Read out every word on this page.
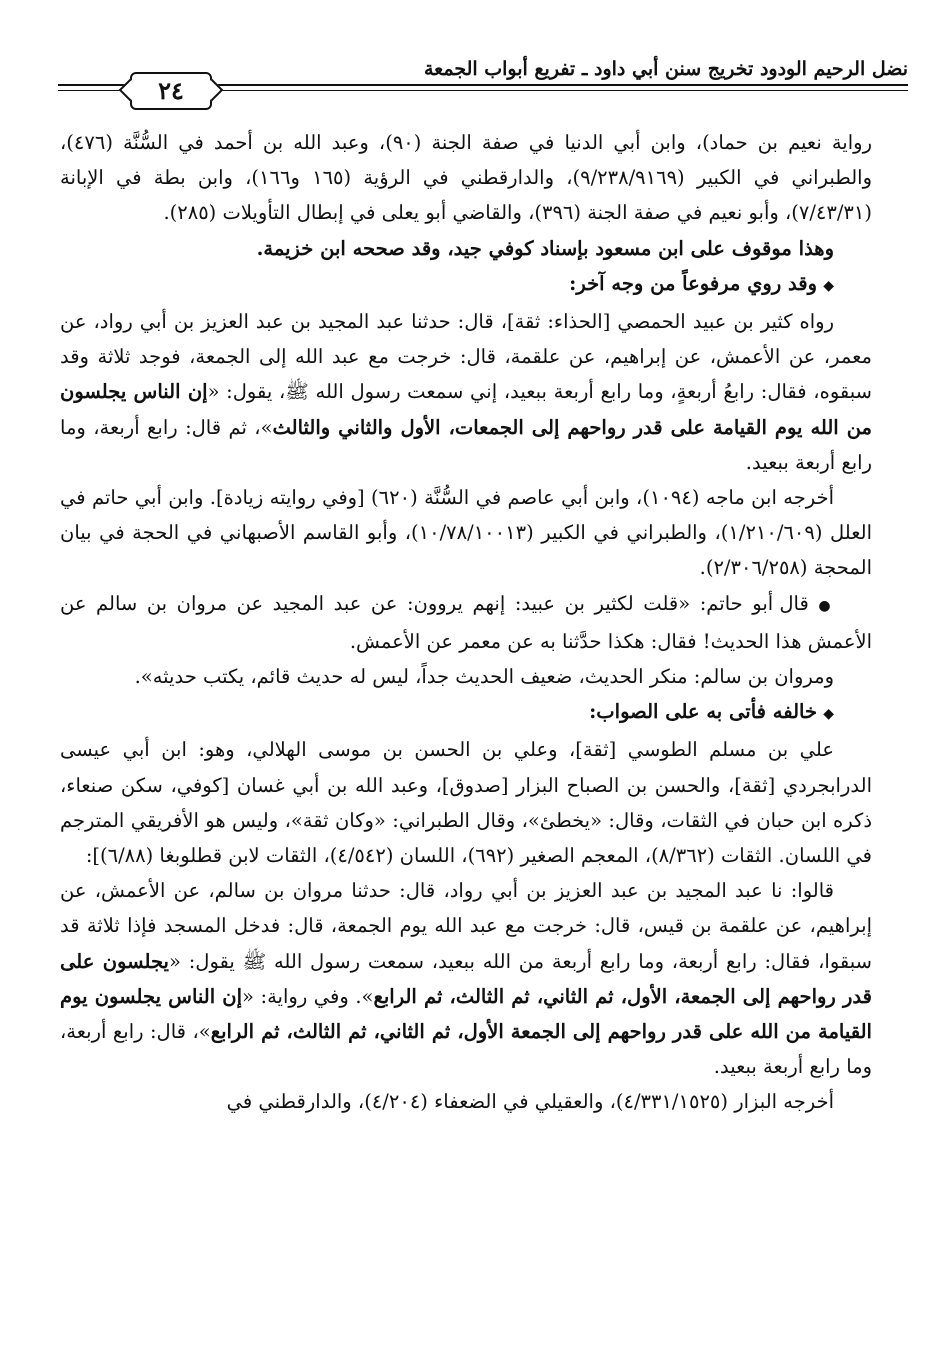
نضل الرحيم الودود تخريج سنن أبي داود ـ تفريع أبواب الجمعة
٢٤

رواية نعيم بن حماد)، وابن أبي الدنيا في صفة الجنة (٩٠)، وعبد الله بن أحمد في السُّنَّة (٤٧٦)، والطبراني في الكبير (٩/٢٣٨/٩١٦٩)، والدارقطني في الرؤية (١٦٥ و١٦٦)، وابن بطة في الإبانة (٧/٤٣/٣١)، وأبو نعيم في صفة الجنة (٣٩٦)، والقاضي أبو يعلى في إبطال التأويلات (٢٨٥).

وهذا موقوف على ابن مسعود بإسناد كوفي جيد، وقد صححه ابن خزيمة.

◆ وقد روي مرفوعاً من وجه آخر:

رواه كثير بن عبيد الحمصي [الحذاء: ثقة]، قال: حدثنا عبد المجيد بن عبد العزيز بن أبي رواد، عن معمر، عن الأعمش، عن إبراهيم، عن علقمة، قال: خرجت مع عبد الله إلى الجمعة، فوجد ثلاثة وقد سبقوه، فقال: رابعُ أربعةٍ، وما رابع أربعة ببعيد، إني سمعت رسول الله ﷺ، يقول: «إن الناس يجلسون من الله يوم القيامة على قدر رواحهم إلى الجمعات، الأول والثاني والثالث»، ثم قال: رابع أربعة، وما رابع أربعة ببعيد.

أخرجه ابن ماجه (١٠٩٤)، وابن أبي عاصم في السُّنَّة (٦٢٠) [وفي روايته زيادة]. وابن أبي حاتم في العلل (١/٢١٠/٦٠٩)، والطبراني في الكبير (١٠/٧٨/١٠٠١٣)، وأبو القاسم الأصبهاني في الحجة في بيان المحجة (٢/٣٠٦/٢٥٨).

● قال أبو حاتم: «قلت لكثير بن عبيد: إنهم يروون: عن عبد المجيد عن مروان بن سالم عن الأعمش هذا الحديث! فقال: هكذا حدَّثنا به عن معمر عن الأعمش.

ومروان بن سالم: منكر الحديث، ضعيف الحديث جداً، ليس له حديث قائم، يكتب حديثه».

◆ خالفه فأتى به على الصواب:

علي بن مسلم الطوسي [ثقة]، وعلي بن الحسن بن موسى الهلالي، وهو: ابن أبي عيسى الدرابجردي [ثقة]، والحسن بن الصباح البزار [صدوق]، وعبد الله بن أبي غسان [كوفي، سكن صنعاء، ذكره ابن حبان في الثقات، وقال: «يخطئ»، وقال الطبراني: «وكان ثقة»، وليس هو الأفريقي المترجم في اللسان. الثقات (٨/٣٦٢)، المعجم الصغير (٦٩٢)، اللسان (٤/٥٤٢)، الثقات لابن قطلوبغا (٦/٨٨)]:

قالوا: نا عبد المجيد بن عبد العزيز بن أبي رواد، قال: حدثنا مروان بن سالم، عن الأعمش، عن إبراهيم، عن علقمة بن قيس، قال: خرجت مع عبد الله يوم الجمعة، قال: فدخل المسجد فإذا ثلاثة قد سبقوا، فقال: رابع أربعة، وما رابع أربعة من الله ببعيد، سمعت رسول الله ﷺ يقول: «يجلسون على قدر رواحهم إلى الجمعة، الأول، ثم الثاني، ثم الثالث، ثم الرابع». وفي رواية: «إن الناس يجلسون يوم القيامة من الله على قدر رواحهم إلى الجمعة الأول، ثم الثاني، ثم الثالث، ثم الرابع»، قال: رابع أربعة، وما رابع أربعة ببعيد.

أخرجه البزار (٤/٣٣١/١٥٢٥)، والعقيلي في الضعفاء (٤/٢٠٤)، والدارقطني في
